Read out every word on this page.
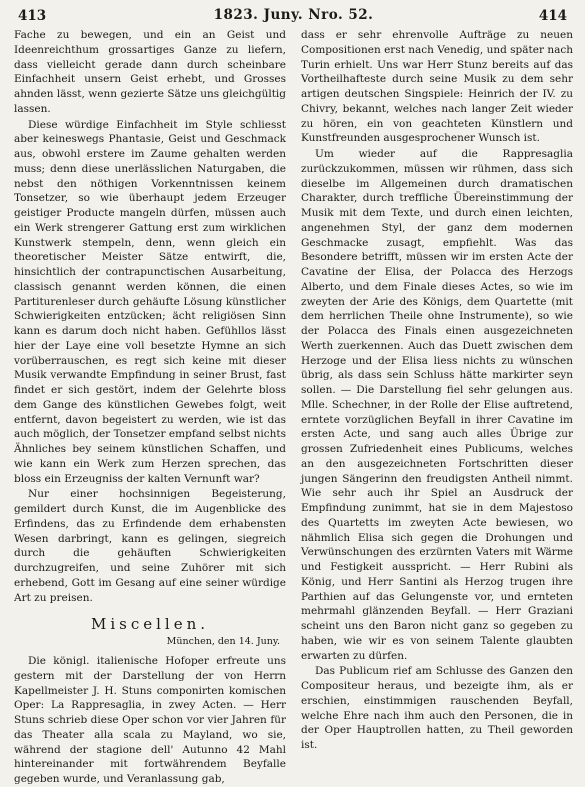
413	1823. Juny. Nro. 52.	414

Fache zu bewegen, und ein an Geist und Ideenreichthum grossartiges Ganze zu liefern, dass vielleicht gerade dann durch scheinbare Einfachheit unsern Geist erhebt, und Grosses ahnden lässt, wenn gezierte Sätze uns gleichgültig lassen.

Diese würdige Einfachheit im Style schliesst aber keineswegs Phantasie, Geist und Geschmack aus, obwohl erstere im Zaume gehalten werden muss; denn diese unerlässlichen Naturgaben, die nebst den nöthigen Vorkenntnissen keinem Tonsetzer, so wie überhaupt jedem Erzeuger geistiger Producte mangeln dürfen, müssen auch ein Werk strengerer Gattung erst zum wirklichen Kunstwerk stempeln, denn, wenn gleich ein theoretischer Meister Sätze entwirft, die, hinsichtlich der contrapunctischen Ausarbeitung, classisch genannt werden können, die einen Partiturenleser durch gehäufte Lösung künstlicher Schwierigkeiten entzücken; ächt religiösen Sinn kann es darum doch nicht haben. Gefühllos lässt hier der Laye eine voll besetzte Hymne an sich vorüberrauschen, es regt sich keine mit dieser Musik verwandte Empfindung in seiner Brust, fast findet er sich gestört, indem der Gelehrte bloss dem Gange des künstlichen Gewebes folgt, weit entfernt, davon begeistert zu werden, wie ist das auch möglich, der Tonsetzer empfand selbst nichts Ähnliches bey seinem künstlichen Schaffen, und wie kann ein Werk zum Herzen sprechen, das bloss ein Erzeugniss der kalten Vernunft war?

Nur einer hochsinnigen Begeisterung, gemildert durch Kunst, die im Augenblicke des Erfindens, das zu Erfindende dem erhabensten Wesen darbringt, kann es gelingen, siegreich durch die gehäuften Schwierigkeiten durchzugreifen, und seine Zuhörer mit sich erhebend, Gott im Gesang auf eine seiner würdige Art zu preisen.

Miscellen.
München, den 14. Juny.

Die königl. italienische Hofoper erfreute uns gestern mit der Darstellung der von Herrn Kapellmeister J. H. Stuns componirten komischen Oper: La Rappresaglia, in zwey Acten. — Herr Stuns schrieb diese Oper schon vor vier Jahren für das Theater alla scala zu Mayland, wo sie, während der stagione dell' Autunno 42 Mahl hintereinander mit fortwährendem Beyfalle gegeben wurde, und Veranlassung gab,

dass er sehr ehrenvolle Aufträge zu neuen Compositionen erst nach Venedig, und später nach Turin erhielt. Uns war Herr Stunz bereits auf das Vortheilhafteste durch seine Musik zu dem sehr artigen deutschen Singspiele: Heinrich der IV. zu Chivry, bekannt, welches nach langer Zeit wieder zu hören, ein von geachteten Künstlern und Kunstfreunden ausgesprochener Wunsch ist.

Um wieder auf die Rappresaglia zurückzukommen, müssen wir rühmen, dass sich dieselbe im Allgemeinen durch dramatischen Charakter, durch treffliche Übereinstimmung der Musik mit dem Texte, und durch einen leichten, angenehmen Styl, der ganz dem modernen Geschmacke zusagt, empfiehlt. Was das Besondere betrifft, müssen wir im ersten Acte der Cavatine der Elisa, der Polacca des Herzogs Alberto, und dem Finale dieses Actes, so wie im zweyten der Arie des Königs, dem Quartette (mit dem herrlichen Theile ohne Instrumente), so wie der Polacca des Finals einen ausgezeichneten Werth zuerkennen. Auch das Duett zwischen dem Herzoge und der Elisa liess nichts zu wünschen übrig, als dass sein Schluss hätte markirter seyn sollen. — Die Darstellung fiel sehr gelungen aus. Mlle. Schechner, in der Rolle der Elise auftretend, erntete vorzüglichen Beyfall in ihrer Cavatine im ersten Acte, und sang auch alles Übrige zur grossen Zufriedenheit eines Publicums, welches an den ausgezeichneten Fortschritten dieser jungen Sängerinn den freudigsten Antheil nimmt. Wie sehr auch ihr Spiel an Ausdruck der Empfindung zunimmt, hat sie in dem Majestoso des Quartetts im zweyten Acte bewiesen, wo nähmlich Elisa sich gegen die Drohungen und Verwünschungen des erzürnten Vaters mit Wärme und Festigkeit ausspricht. — Herr Rubini als König, und Herr Santini als Herzog trugen ihre Parthien auf das Gelungenste vor, und ernteten mehrmahl glänzenden Beyfall. — Herr Graziani scheint uns den Baron nicht ganz so gegeben zu haben, wie wir es von seinem Talente glaubten erwarten zu dürfen.

Das Publicum rief am Schlusse des Ganzen den Compositeur heraus, und bezeigte ihm, als er erschien, einstimmigen rauschenden Beyfall, welche Ehre nach ihm auch den Personen, die in der Oper Hauptrollen hatten, zu Theil geworden ist.
